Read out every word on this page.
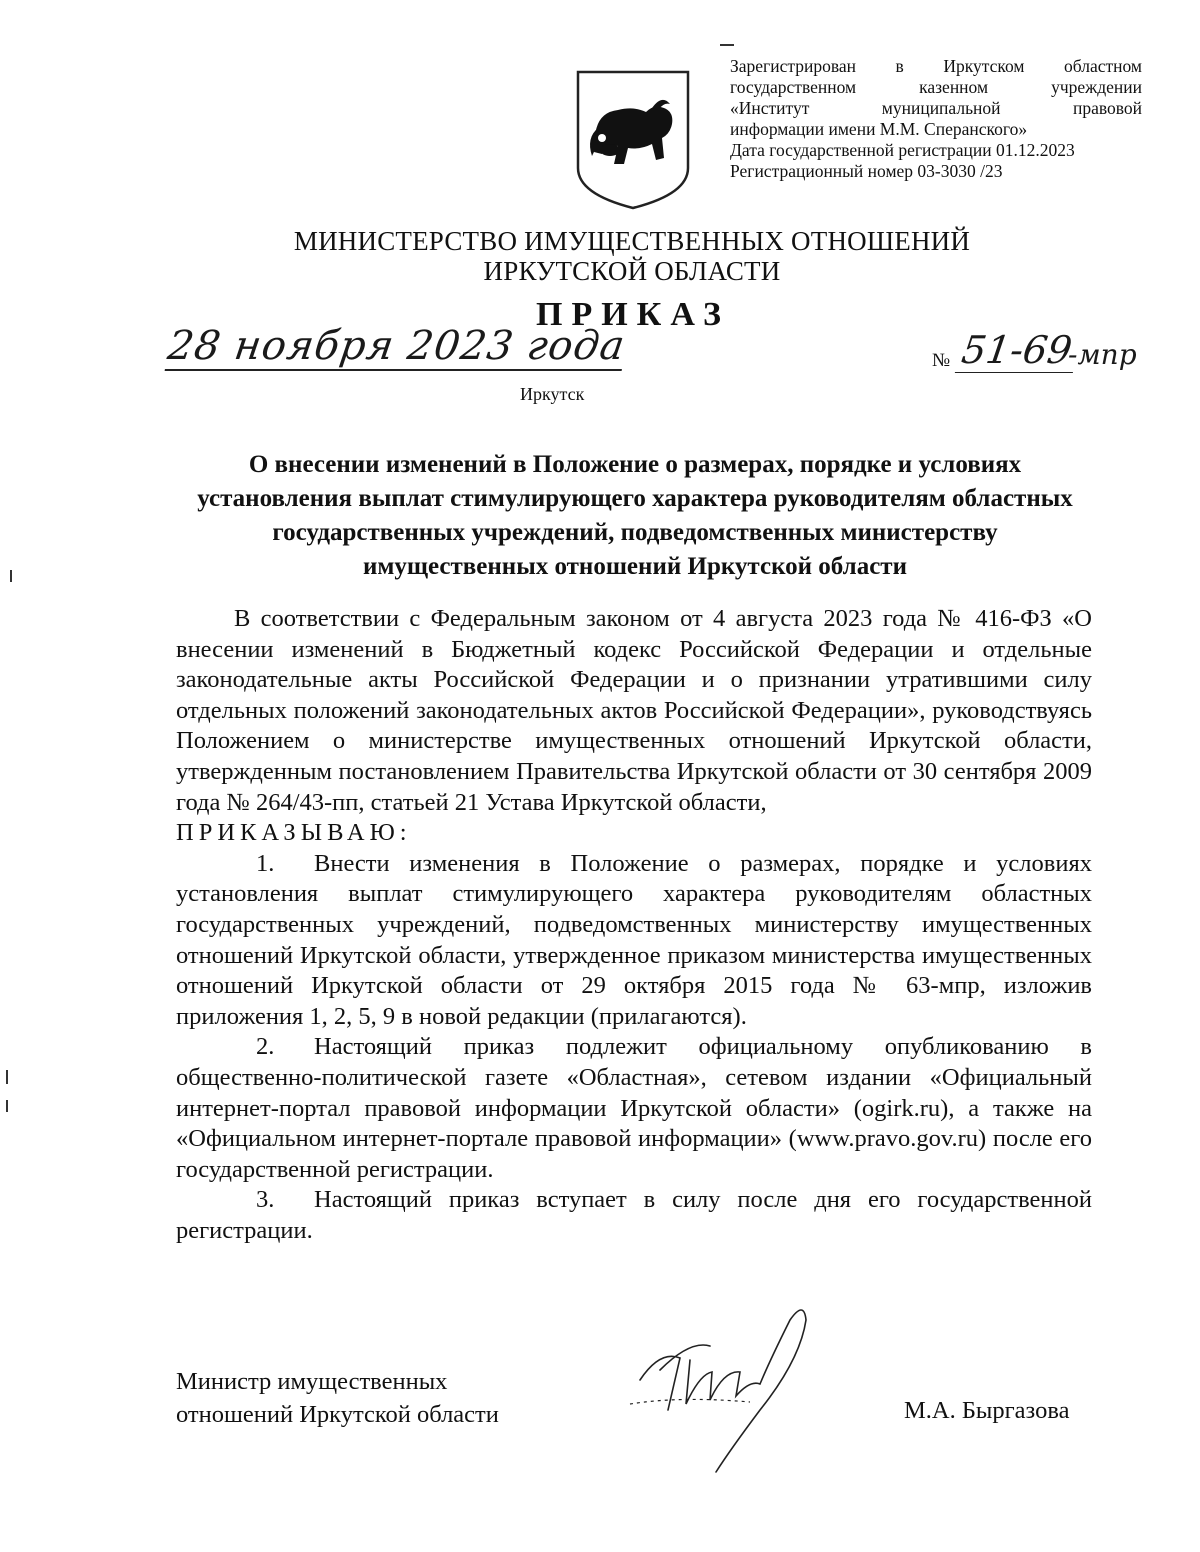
Зарегистрирован в Иркутском областном
государственном казенном учреждении
«Институт муниципальной правовой
информации имени М.М. Сперанского»
Дата государственной регистрации 01.12.2023
Регистрационный номер 03-3030 /23
МИНИСТЕРСТВО ИМУЩЕСТВЕННЫХ ОТНОШЕНИЙ
ИРКУТСКОЙ ОБЛАСТИ
ПРИКАЗ
28 ноября 2023 года	№ 51-69
-мпр
Иркутск
О внесении изменений в Положение о размерах, порядке и условиях установления выплат стимулирующего характера руководителям областных государственных учреждений, подведомственных министерству имущественных отношений Иркутской области

В соответствии с Федеральным законом от 4 августа 2023 года № 416-ФЗ «О внесении изменений в Бюджетный кодекс Российской Федерации и отдельные законодательные акты Российской Федерации и о признании утратившими силу отдельных положений законодательных актов Российской Федерации», руководствуясь Положением о министерстве имущественных отношений Иркутской области, утвержденным постановлением Правительства Иркутской области от 30 сентября 2009 года № 264/43-пп, статьей 21 Устава Иркутской области,

ПРИКАЗЫВАЮ:

1. Внести изменения в Положение о размерах, порядке и условиях установления выплат стимулирующего характера руководителям областных государственных учреждений, подведомственных министерству имущественных отношений Иркутской области, утвержденное приказом министерства имущественных отношений Иркутской области от 29 октября 2015 года № 63-мпр, изложив приложения 1, 2, 5, 9 в новой редакции (прилагаются).

2. Настоящий приказ подлежит официальному опубликованию в общественно-политической газете «Областная», сетевом издании «Официальный интернет-портал правовой информации Иркутской области» (ogirk.ru), а также на «Официальном интернет-портале правовой информации» (www.pravo.gov.ru) после его государственной регистрации.

3. Настоящий приказ вступает в силу после дня его государственной регистрации.

Министр имущественных
отношений Иркутской области	М.А. Быргазова
